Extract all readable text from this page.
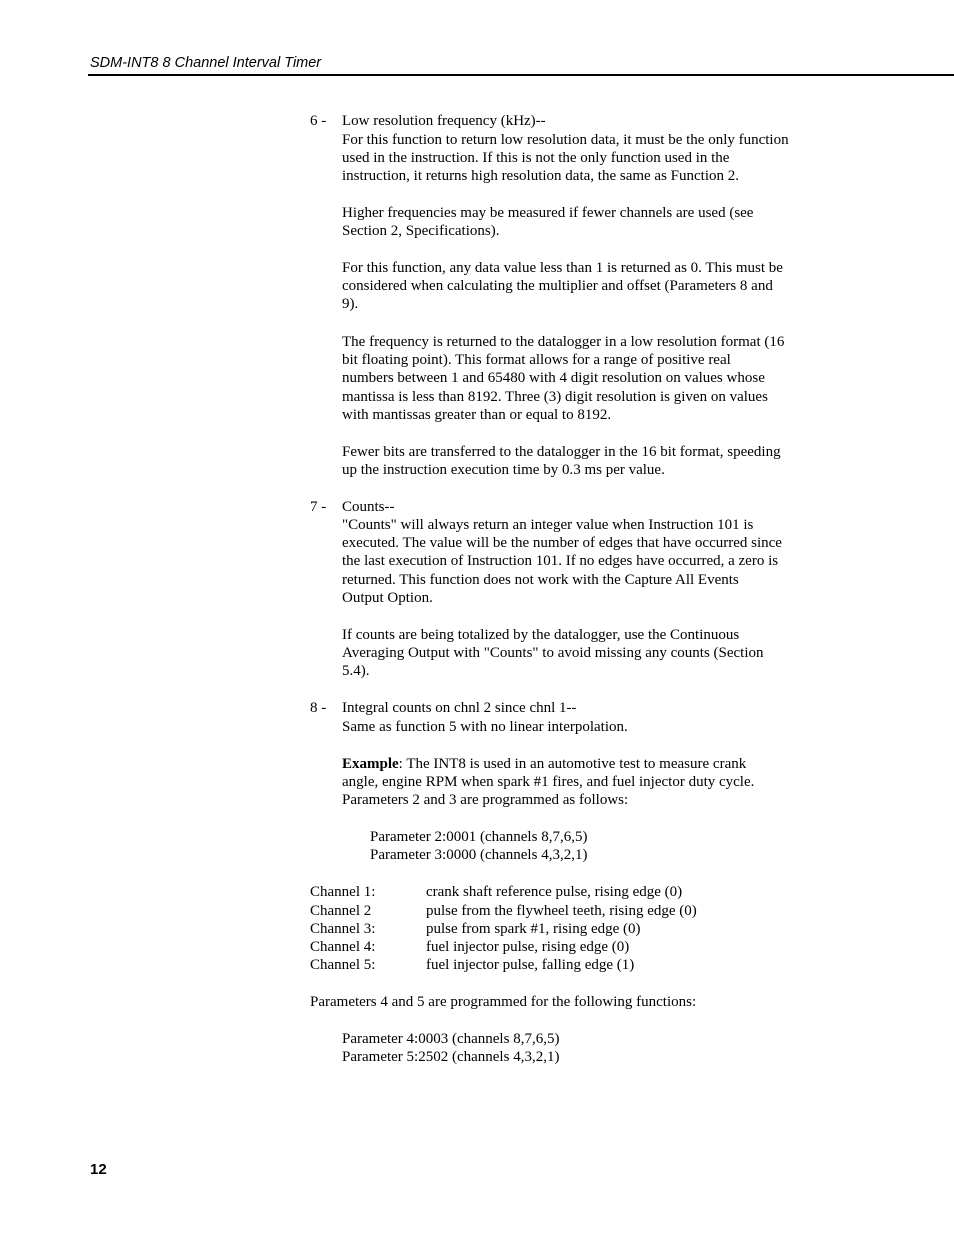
SDM-INT8 8 Channel Interval Timer
6 - Low resolution frequency (kHz)--
For this function to return low resolution data, it must be the only function
used in the instruction. If this is not the only function used in the
instruction, it returns high resolution data, the same as Function 2.
Higher frequencies may be measured if fewer channels are used (see
Section 2, Specifications).
For this function, any data value less than 1 is returned as 0. This must be
considered when calculating the multiplier and offset (Parameters 8 and
9).
The frequency is returned to the datalogger in a low resolution format (16
bit floating point). This format allows for a range of positive real
numbers between 1 and 65480 with 4 digit resolution on values whose
mantissa is less than 8192. Three (3) digit resolution is given on values
with mantissas greater than or equal to 8192.
Fewer bits are transferred to the datalogger in the 16 bit format, speeding
up the instruction execution time by 0.3 ms per value.
7 - Counts--
"Counts" will always return an integer value when Instruction 101 is
executed. The value will be the number of edges that have occurred since
the last execution of Instruction 101. If no edges have occurred, a zero is
returned. This function does not work with the Capture All Events
Output Option.
If counts are being totalized by the datalogger, use the Continuous
Averaging Output with "Counts" to avoid missing any counts (Section
5.4).
8 - Integral counts on chnl 2 since chnl 1--
Same as function 5 with no linear interpolation.
Example: The INT8 is used in an automotive test to measure crank
angle, engine RPM when spark #1 fires, and fuel injector duty cycle.
Parameters 2 and 3 are programmed as follows:
Parameter 2:0001 (channels 8,7,6,5)
Parameter 3:0000 (channels 4,3,2,1)
Channel 1:	crank shaft reference pulse, rising edge (0)
Channel 2	pulse from the flywheel teeth, rising edge (0)
Channel 3:	pulse from spark #1, rising edge (0)
Channel 4:	fuel injector pulse, rising edge (0)
Channel 5:	fuel injector pulse, falling edge (1)
Parameters 4 and 5 are programmed for the following functions:
Parameter 4:0003 (channels 8,7,6,5)
Parameter 5:2502 (channels 4,3,2,1)
12
